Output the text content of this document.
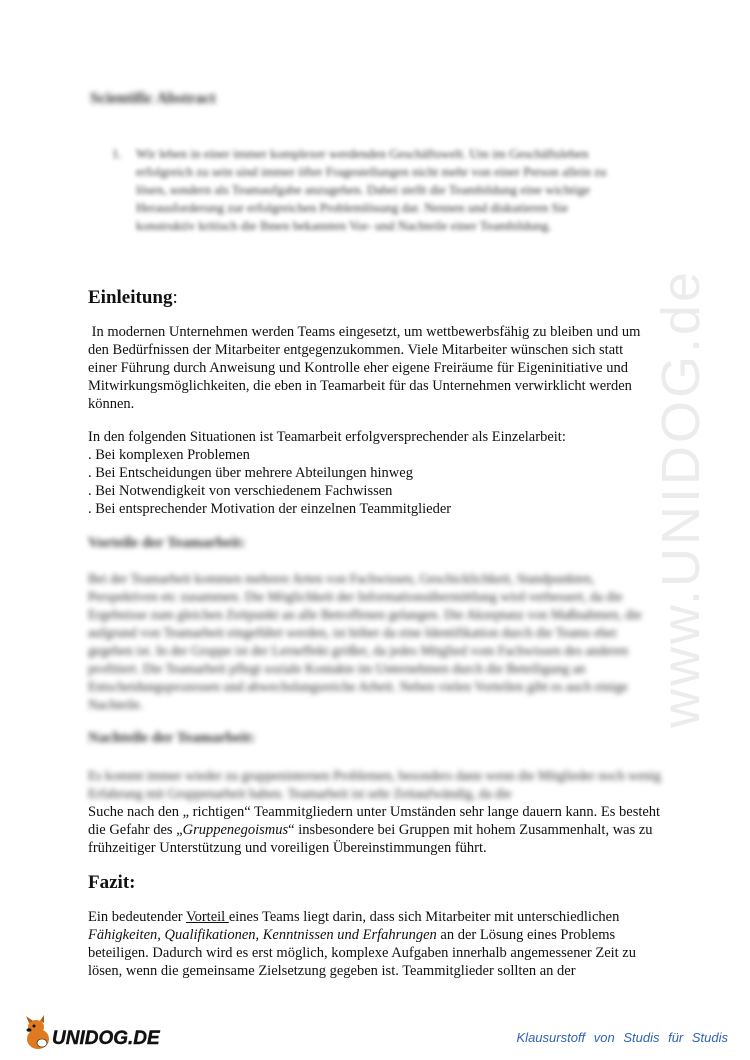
www.UNIDOG.de
Scientific Abstract
1. Wir leben in einer immer komplexer werdenden Geschäftswelt. Um im Geschäftsleben erfolgreich zu sein sind immer öfter Fragestellungen nicht mehr von einer Person allein zu lösen, sondern als Teamaufgabe anzugehen. Dabei stellt die Teambildung eine wichtige Herausforderung zur erfolgreichen Problemlösung dar. Nennen und diskutieren Sie konstruktiv kritisch die Ihnen bekannten Vor- und Nachteile einer Teambildung.
Einleitung:

In modernen Unternehmen werden Teams eingesetzt, um wettbewerbsfähig zu bleiben und um den Bedürfnissen der Mitarbeiter entgegenzukommen. Viele Mitarbeiter wünschen sich statt einer Führung durch Anweisung und Kontrolle eher eigene Freiräume für Eigeninitiative und Mitwirkungsmöglichkeiten, die eben in Teamarbeit für das Unternehmen verwirklicht werden können.

In den folgenden Situationen ist Teamarbeit erfolgversprechender als Einzelarbeit:
. Bei komplexen Problemen
. Bei Entscheidungen über mehrere Abteilungen hinweg
. Bei Notwendigkeit von verschiedenem Fachwissen
. Bei entsprechender Motivation der einzelnen Teammitglieder
Vorteile der Teamarbeit:

Bei der Teamarbeit kommen mehrere Arten von Fachwissen, Geschicklichkeit, Standpunkten, Perspektiven etc zusammen. Die Möglichkeit der Informationsübermittlung wird verbessert, da die Ergebnisse zum gleichen Zeitpunkt an alle Betroffenen gelangen. Die Akzeptanz von Maßnahmen, die aufgrund von Teamarbeit eingeführt werden, ist höher da eine Identifikation durch die Teams eher gegeben ist. In der Gruppe ist der Lerneffekt größer, da jedes Mitglied vom Fachwissen des anderen profitiert. Die Teamarbeit pflegt soziale Kontakte im Unternehmen durch die Beteiligung an Entscheidungsprozessen und abwechslungsreiche Arbeit. Neben vielen Vorteilen gibt es auch einige Nachteile.

Nachteile der Teamarbeit:

Es kommt immer wieder zu gruppeninternen Problemen, besonders dann wenn die Mitglieder noch wenig Erfahrung mit Gruppenarbeit haben. Teamarbeit ist sehr Zeitaufwändig, da die

Suche nach den „ richtigen“ Teammitgliedern unter Umständen sehr lange dauern kann. Es besteht die Gefahr des „Gruppenegoismus“ insbesondere bei Gruppen mit hohem Zusammenhalt, was zu frühzeitiger Unterstützung und voreiligen Übereinstimmungen führt.

Fazit:

Ein bedeutender Vorteil eines Teams liegt darin, dass sich Mitarbeiter mit unterschiedlichen Fähigkeiten, Qualifikationen, Kenntnissen und Erfahrungen an der Lösung eines Problems beteiligen. Dadurch wird es erst möglich, komplexe Aufgaben innerhalb angemessener Zeit zu lösen, wenn die gemeinsame Zielsetzung gegeben ist. Teammitglieder sollten an der

UNIDOG.DE	Klausurstoff von Studis für Studis
